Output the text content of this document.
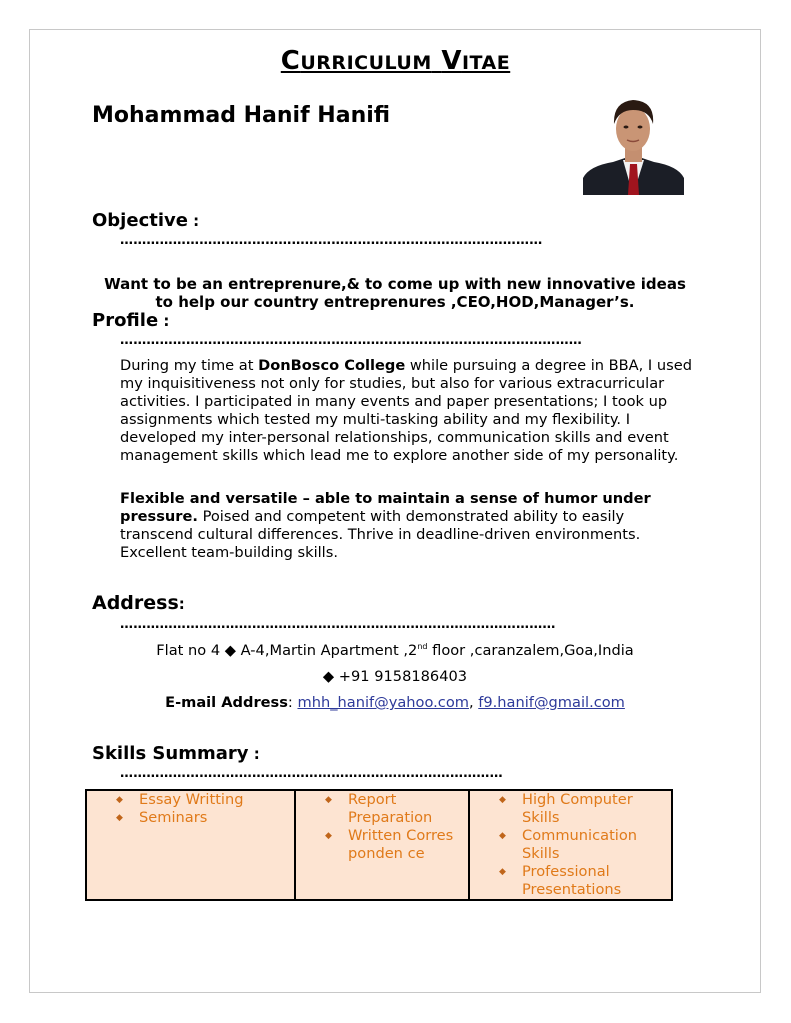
CURRICULUM VITAE
Mohammad Hanif Hanifi
Objective :
……………………………………………………………………………………
Want to be an entreprenure,& to come up with new innovative ideas
to help our country entreprenures ,CEO,HOD,Manager’s.
Profile :
……………………………………………………………………………………………
During my time at DonBosco College while pursuing a degree in BBA, I used my inquisitiveness not only for studies, but also for various extracurricular activities. I participated in many events and paper presentations; I took up assignments which tested my multi-tasking ability and my flexibility. I developed my inter-personal relationships, communication skills and event management skills which lead me to explore another side of my personality.
Flexible and versatile – able to maintain a sense of humor under pressure. Poised and competent with demonstrated ability to easily transcend cultural differences. Thrive in deadline-driven environments. Excellent team-building skills.
Address:
………………………………………………………………………………………
Flat no 4 ◆ A-4,Martin Apartment ,2nd floor ,caranzalem,Goa,India
◆ +91 9158186403
E-mail Address: mhh_hanif@yahoo.com, f9.hanif@gmail.com
Skills Summary :
……………………………………………………………………………
◆ Essay Writting
◆ Seminars

◆ Report Preparation
◆ Written Corresponden ce

◆ High Computer Skills
◆ Communication Skills
◆ Professional Presentations
